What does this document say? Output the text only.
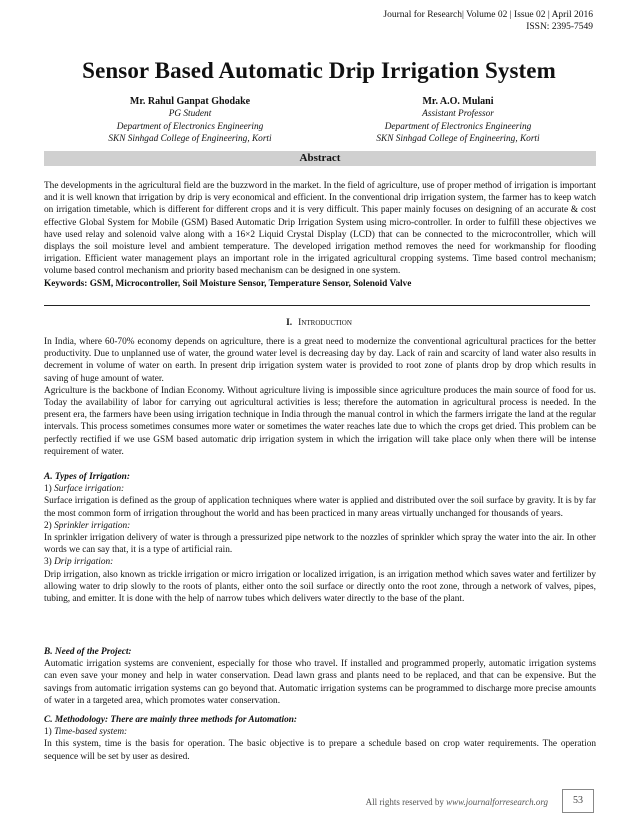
Journal for Research| Volume 02 | Issue 02 | April 2016
ISSN: 2395-7549
Sensor Based Automatic Drip Irrigation System
Mr. Rahul Ganpat Ghodake
PG Student
Department of Electronics Engineering
SKN Sinhgad College of Engineering, Korti
Mr. A.O. Mulani
Assistant Professor
Department of Electronics Engineering
SKN Sinhgad College of Engineering, Korti
Abstract

The developments in the agricultural field are the buzzword in the market. In the field of agriculture, use of proper method of irrigation is important and it is well known that irrigation by drip is very economical and efficient. In the conventional drip irrigation system, the farmer has to keep watch on irrigation timetable, which is different for different crops and it is very difficult. This paper mainly focuses on designing of an accurate & cost effective Global System for Mobile (GSM) Based Automatic Drip Irrigation System using micro-controller. In order to fulfill these objectives we have used relay and solenoid valve along with a 16×2 Liquid Crystal Display (LCD) that can be connected to the microcontroller, which will displays the soil moisture level and ambient temperature. The developed irrigation method removes the need for workmanship for flooding irrigation. Efficient water management plays an important role in the irrigated agricultural cropping systems. Time based control mechanism; volume based control mechanism and priority based mechanism can be designed in one system.

Keywords: GSM, Microcontroller, Soil Moisture Sensor, Temperature Sensor, Solenoid Valve

I. Introduction

In India, where 60-70% economy depends on agriculture, there is a great need to modernize the conventional agricultural practices for the better productivity. Due to unplanned use of water, the ground water level is decreasing day by day. Lack of rain and scarcity of land water also results in decrement in volume of water on earth. In present drip irrigation system water is provided to root zone of plants drop by drop which results in saving of huge amount of water.

Agriculture is the backbone of Indian Economy. Without agriculture living is impossible since agriculture produces the main source of food for us. Today the availability of labor for carrying out agricultural activities is less; therefore the automation in agricultural process is needed. In the present era, the farmers have been using irrigation technique in India through the manual control in which the farmers irrigate the land at the regular intervals. This process sometimes consumes more water or sometimes the water reaches late due to which the crops get dried. This problem can be perfectly rectified if we use GSM based automatic drip irrigation system in which the irrigation will take place only when there will be intense requirement of water.

A. Types of Irrigation:

1) Surface irrigation:

Surface irrigation is defined as the group of application techniques where water is applied and distributed over the soil surface by gravity. It is by far the most common form of irrigation throughout the world and has been practiced in many areas virtually unchanged for thousands of years.

2) Sprinkler irrigation:

In sprinkler irrigation delivery of water is through a pressurized pipe network to the nozzles of sprinkler which spray the water into the air. In other words we can say that, it is a type of artificial rain.

3) Drip irrigation:

Drip irrigation, also known as trickle irrigation or micro irrigation or localized irrigation, is an irrigation method which saves water and fertilizer by allowing water to drip slowly to the roots of plants, either onto the soil surface or directly onto the root zone, through a network of valves, pipes, tubing, and emitter. It is done with the help of narrow tubes which delivers water directly to the base of the plant.

B. Need of the Project:

Automatic irrigation systems are convenient, especially for those who travel. If installed and programmed properly, automatic irrigation systems can even save your money and help in water conservation. Dead lawn grass and plants need to be replaced, and that can be expensive. But the savings from automatic irrigation systems can go beyond that. Automatic irrigation systems can be programmed to discharge more precise amounts of water in a targeted area, which promotes water conservation.

C. Methodology: There are mainly three methods for Automation:

1) Time-based system:

In this system, time is the basis for operation. The basic objective is to prepare a schedule based on crop water requirements. The operation sequence will be set by user as desired.

All rights reserved by www.journalforresearch.org	53
